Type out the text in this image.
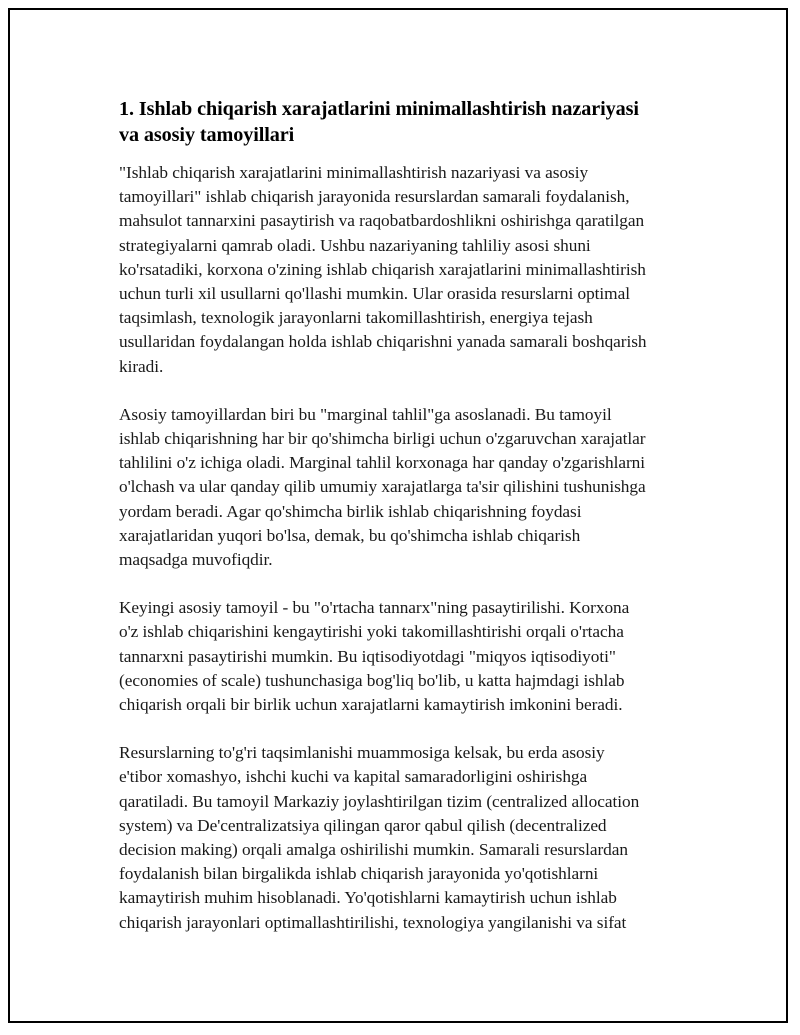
1. Ishlab chiqarish xarajatlarini minimallashtirish nazariyasi
va asosiy tamoyillari

"Ishlab chiqarish xarajatlarini minimallashtirish nazariyasi va asosiy
tamoyillari" ishlab chiqarish jarayonida resurslardan samarali foydalanish,
mahsulot tannarxini pasaytirish va raqobatbardoshlikni oshirishga qaratilgan
strategiyalarni qamrab oladi. Ushbu nazariyaning tahliliy asosi shuni
ko'rsatadiki, korxona o'zining ishlab chiqarish xarajatlarini minimallashtirish
uchun turli xil usullarni qo'llashi mumkin. Ular orasida resurslarni optimal
taqsimlash, texnologik jarayonlarni takomillashtirish, energiya tejash
usullaridan foydalangan holda ishlab chiqarishni yanada samarali boshqarish
kiradi.

Asosiy tamoyillardan biri bu "marginal tahlil"ga asoslanadi. Bu tamoyil
ishlab chiqarishning har bir qo'shimcha birligi uchun o'zgaruvchan xarajatlar
tahlilini o'z ichiga oladi. Marginal tahlil korxonaga har qanday o'zgarishlarni
o'lchash va ular qanday qilib umumiy xarajatlarga ta'sir qilishini tushunishga
yordam beradi. Agar qo'shimcha birlik ishlab chiqarishning foydasi
xarajatlaridan yuqori bo'lsa, demak, bu qo'shimcha ishlab chiqarish
maqsadga muvofiqdir.

Keyingi asosiy tamoyil - bu "o'rtacha tannarx"ning pasaytirilishi. Korxona
o'z ishlab chiqarishini kengaytirishi yoki takomillashtirishi orqali o'rtacha
tannarxni pasaytirishi mumkin. Bu iqtisodiyotdagi "miqyos iqtisodiyoti"
(economies of scale) tushunchasiga bog'liq bo'lib, u katta hajmdagi ishlab
chiqarish orqali bir birlik uchun xarajatlarni kamaytirish imkonini beradi.

Resurslarning to'g'ri taqsimlanishi muammosiga kelsak, bu erda asosiy
e'tibor xomashyo, ishchi kuchi va kapital samaradorligini oshirishga
qaratiladi. Bu tamoyil Markaziy joylashtirilgan tizim (centralized allocation
system) va De'centralizatsiya qilingan qaror qabul qilish (decentralized
decision making) orqali amalga oshirilishi mumkin. Samarali resurslardan
foydalanish bilan birgalikda ishlab chiqarish jarayonida yo'qotishlarni
kamaytirish muhim hisoblanadi. Yo'qotishlarni kamaytirish uchun ishlab
chiqarish jarayonlari optimallashtirilishi, texnologiya yangilanishi va sifat
